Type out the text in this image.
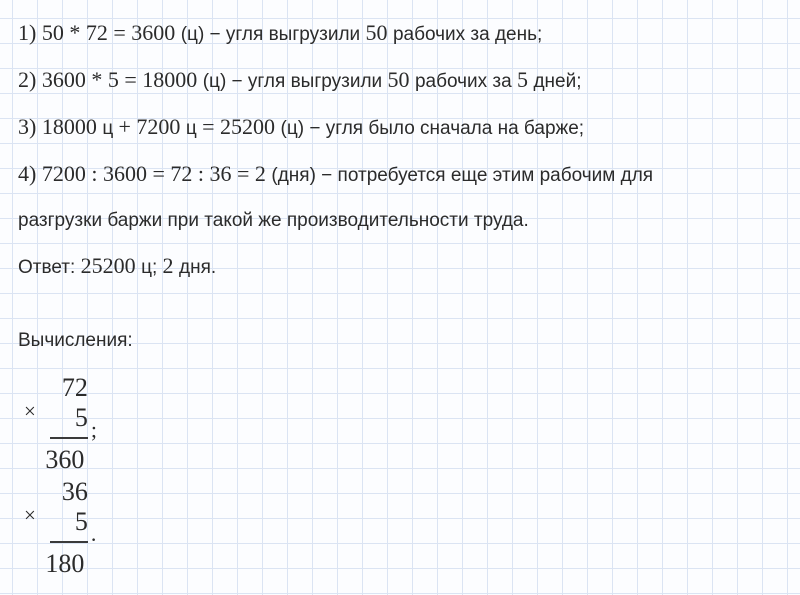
1) 50 * 72 = 3600 (ц) − угля выгрузили 50 рабочих за день;

2) 3600 * 5 = 18000 (ц) − угля выгрузили 50 рабочих за 5 дней;

3) 18000 ц + 7200 ц = 25200 (ц) − угля было сначала на барже;

4) 7200 : 3600 = 72 : 36 = 2 (дня) − потребуется еще этим рабочим для

разгрузки баржи при такой же производительности труда.

Ответ: 25200 ц; 2 дня.

Вычисления:

×
72
5
360
;
×
36
5
180
.
